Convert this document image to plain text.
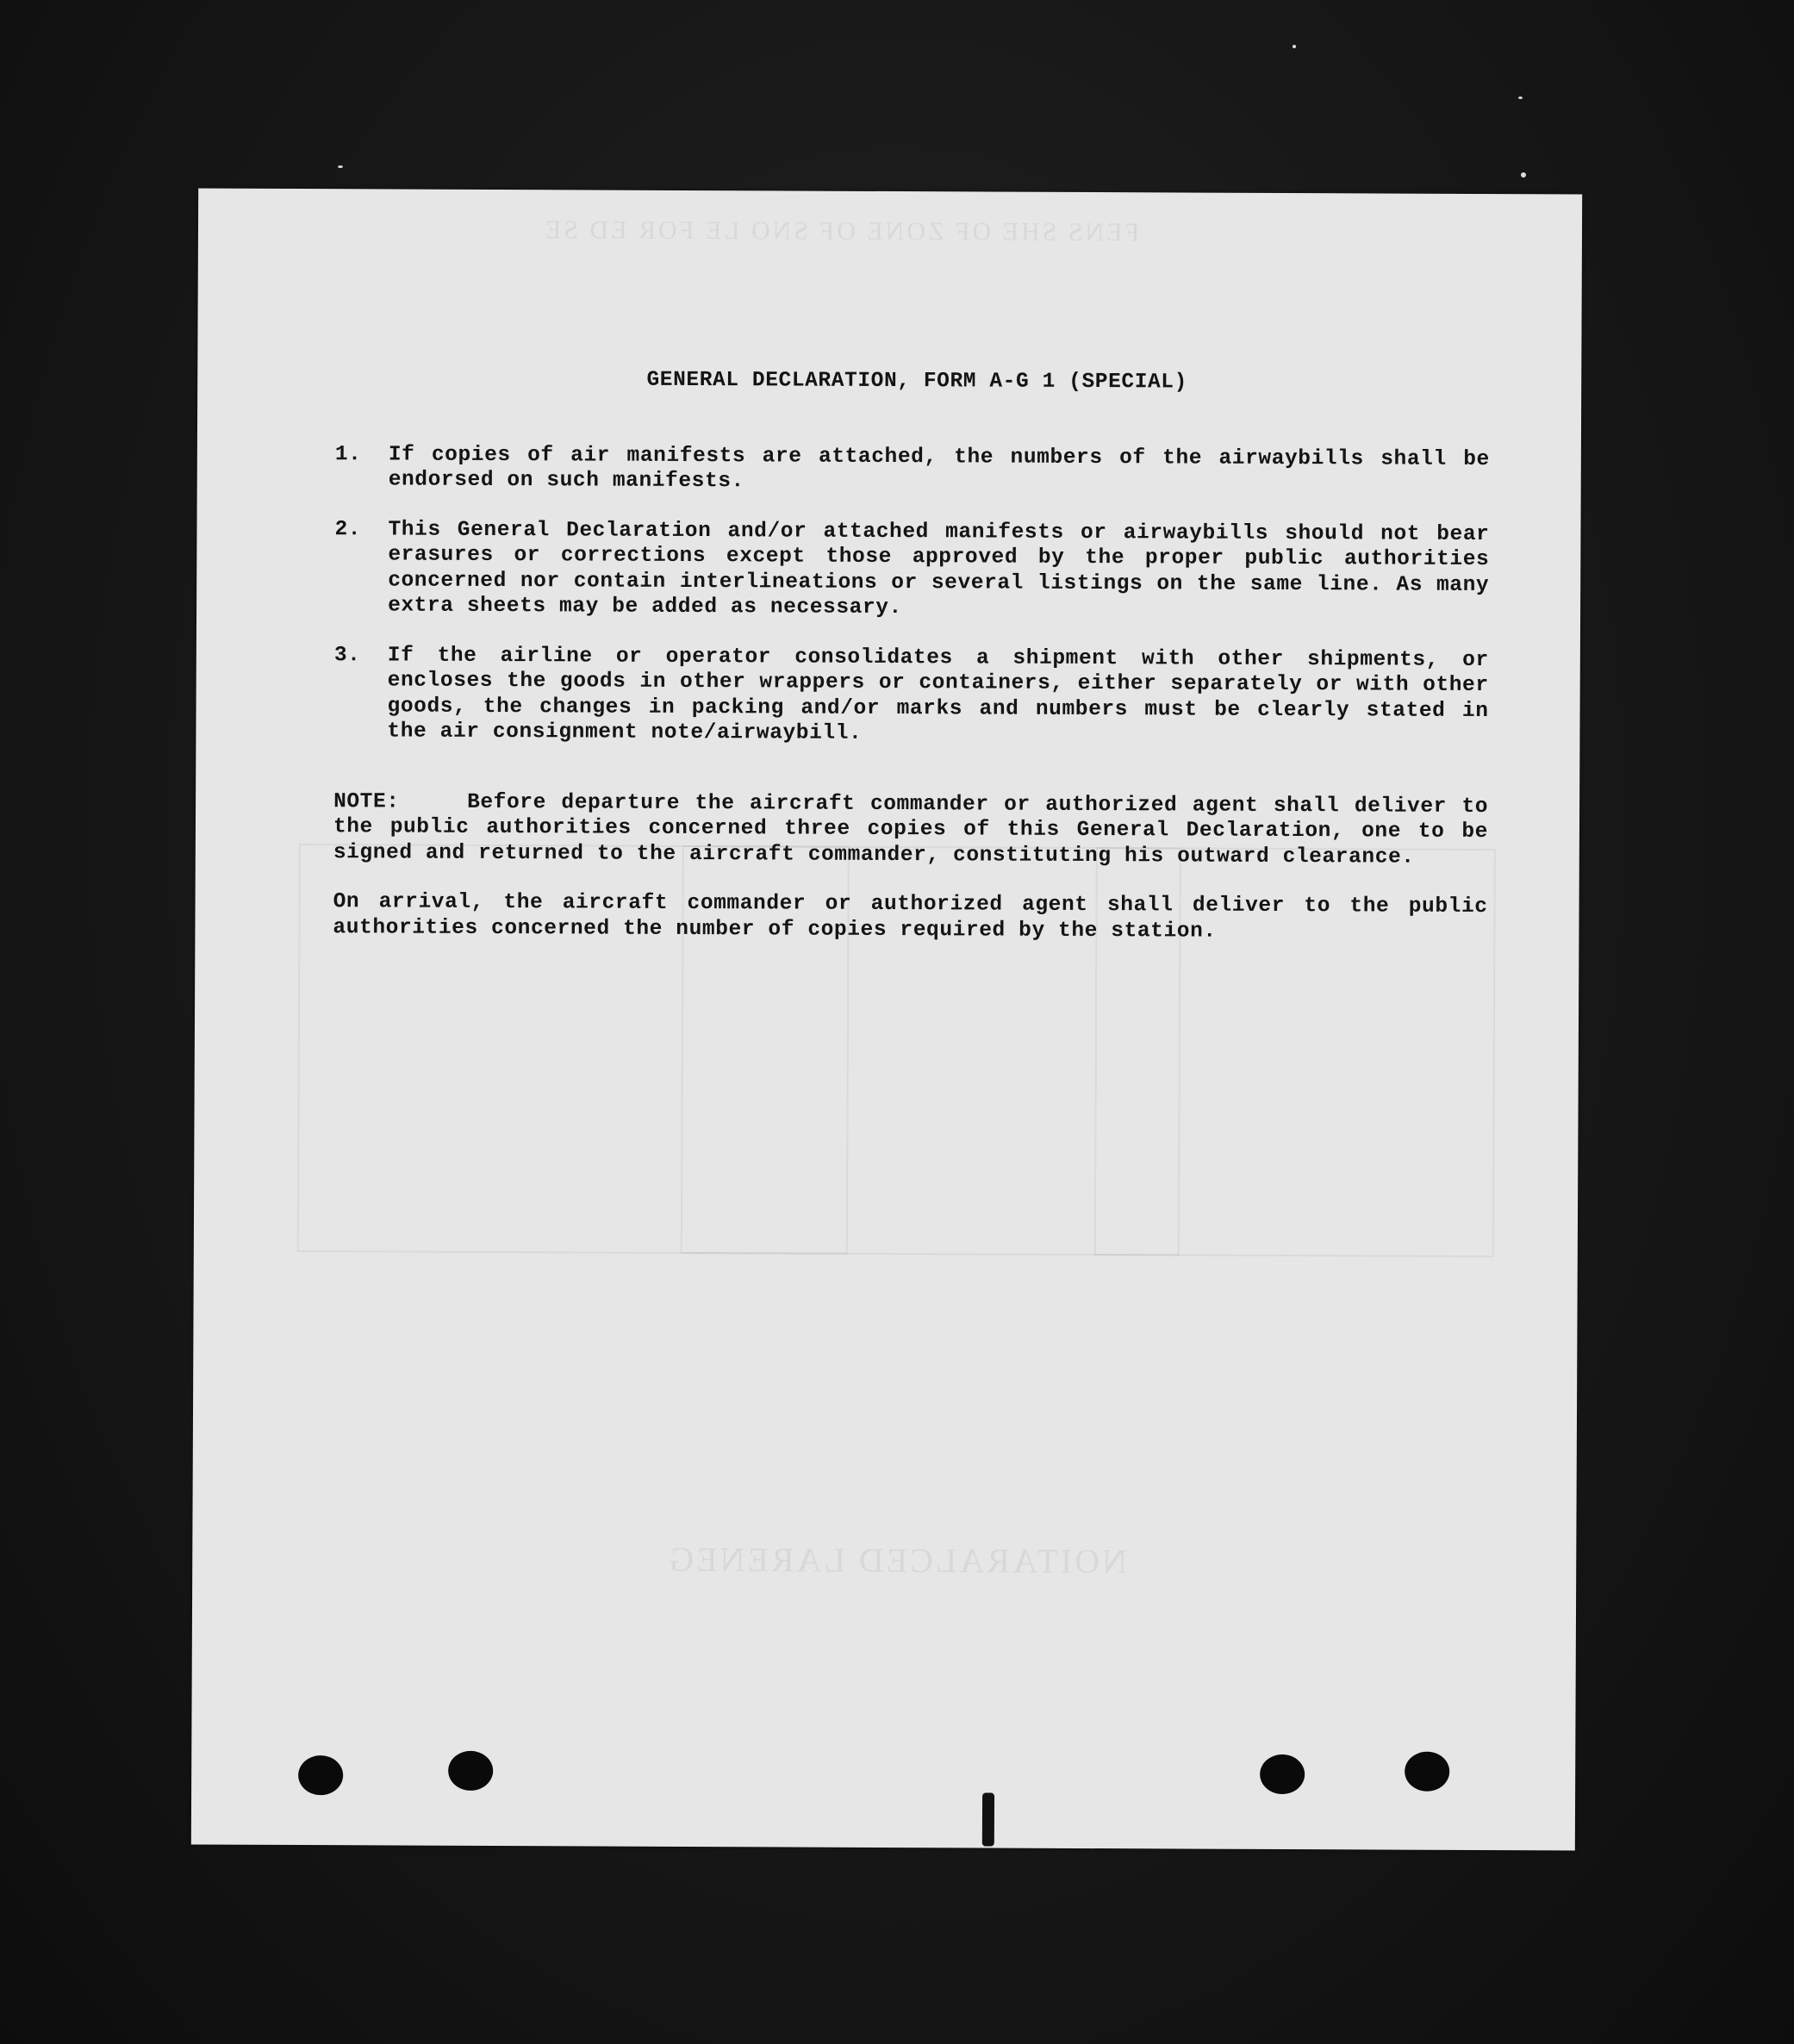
FENS SHE OF ZONE OF SNO LE FOR ED SE
NOITARALCED LARENEG
GENERAL DECLARATION, FORM A-G 1 (SPECIAL)
1.	If copies of air manifests are attached, the numbers of the airwaybills shall be endorsed on such manifests.
2.	This General Declaration and/or attached manifests or airwaybills should not bear erasures or corrections except those approved by the proper public authorities concerned nor contain interlineations or several listings on the same line. As many extra sheets may be added as necessary.
3.	If the airline or operator consolidates a shipment with other shipments, or encloses the goods in other wrappers or containers, either separately or with other goods, the changes in packing and/or marks and numbers must be clearly stated in the air consignment note/airwaybill.
NOTE:	Before departure the aircraft commander or authorized agent shall deliver to the public authorities concerned three copies of this General Declaration, one to be signed and returned to the aircraft commander, constituting his outward clearance.
On arrival, the aircraft commander or authorized agent shall deliver to the public authorities concerned the number of copies required by the station.
